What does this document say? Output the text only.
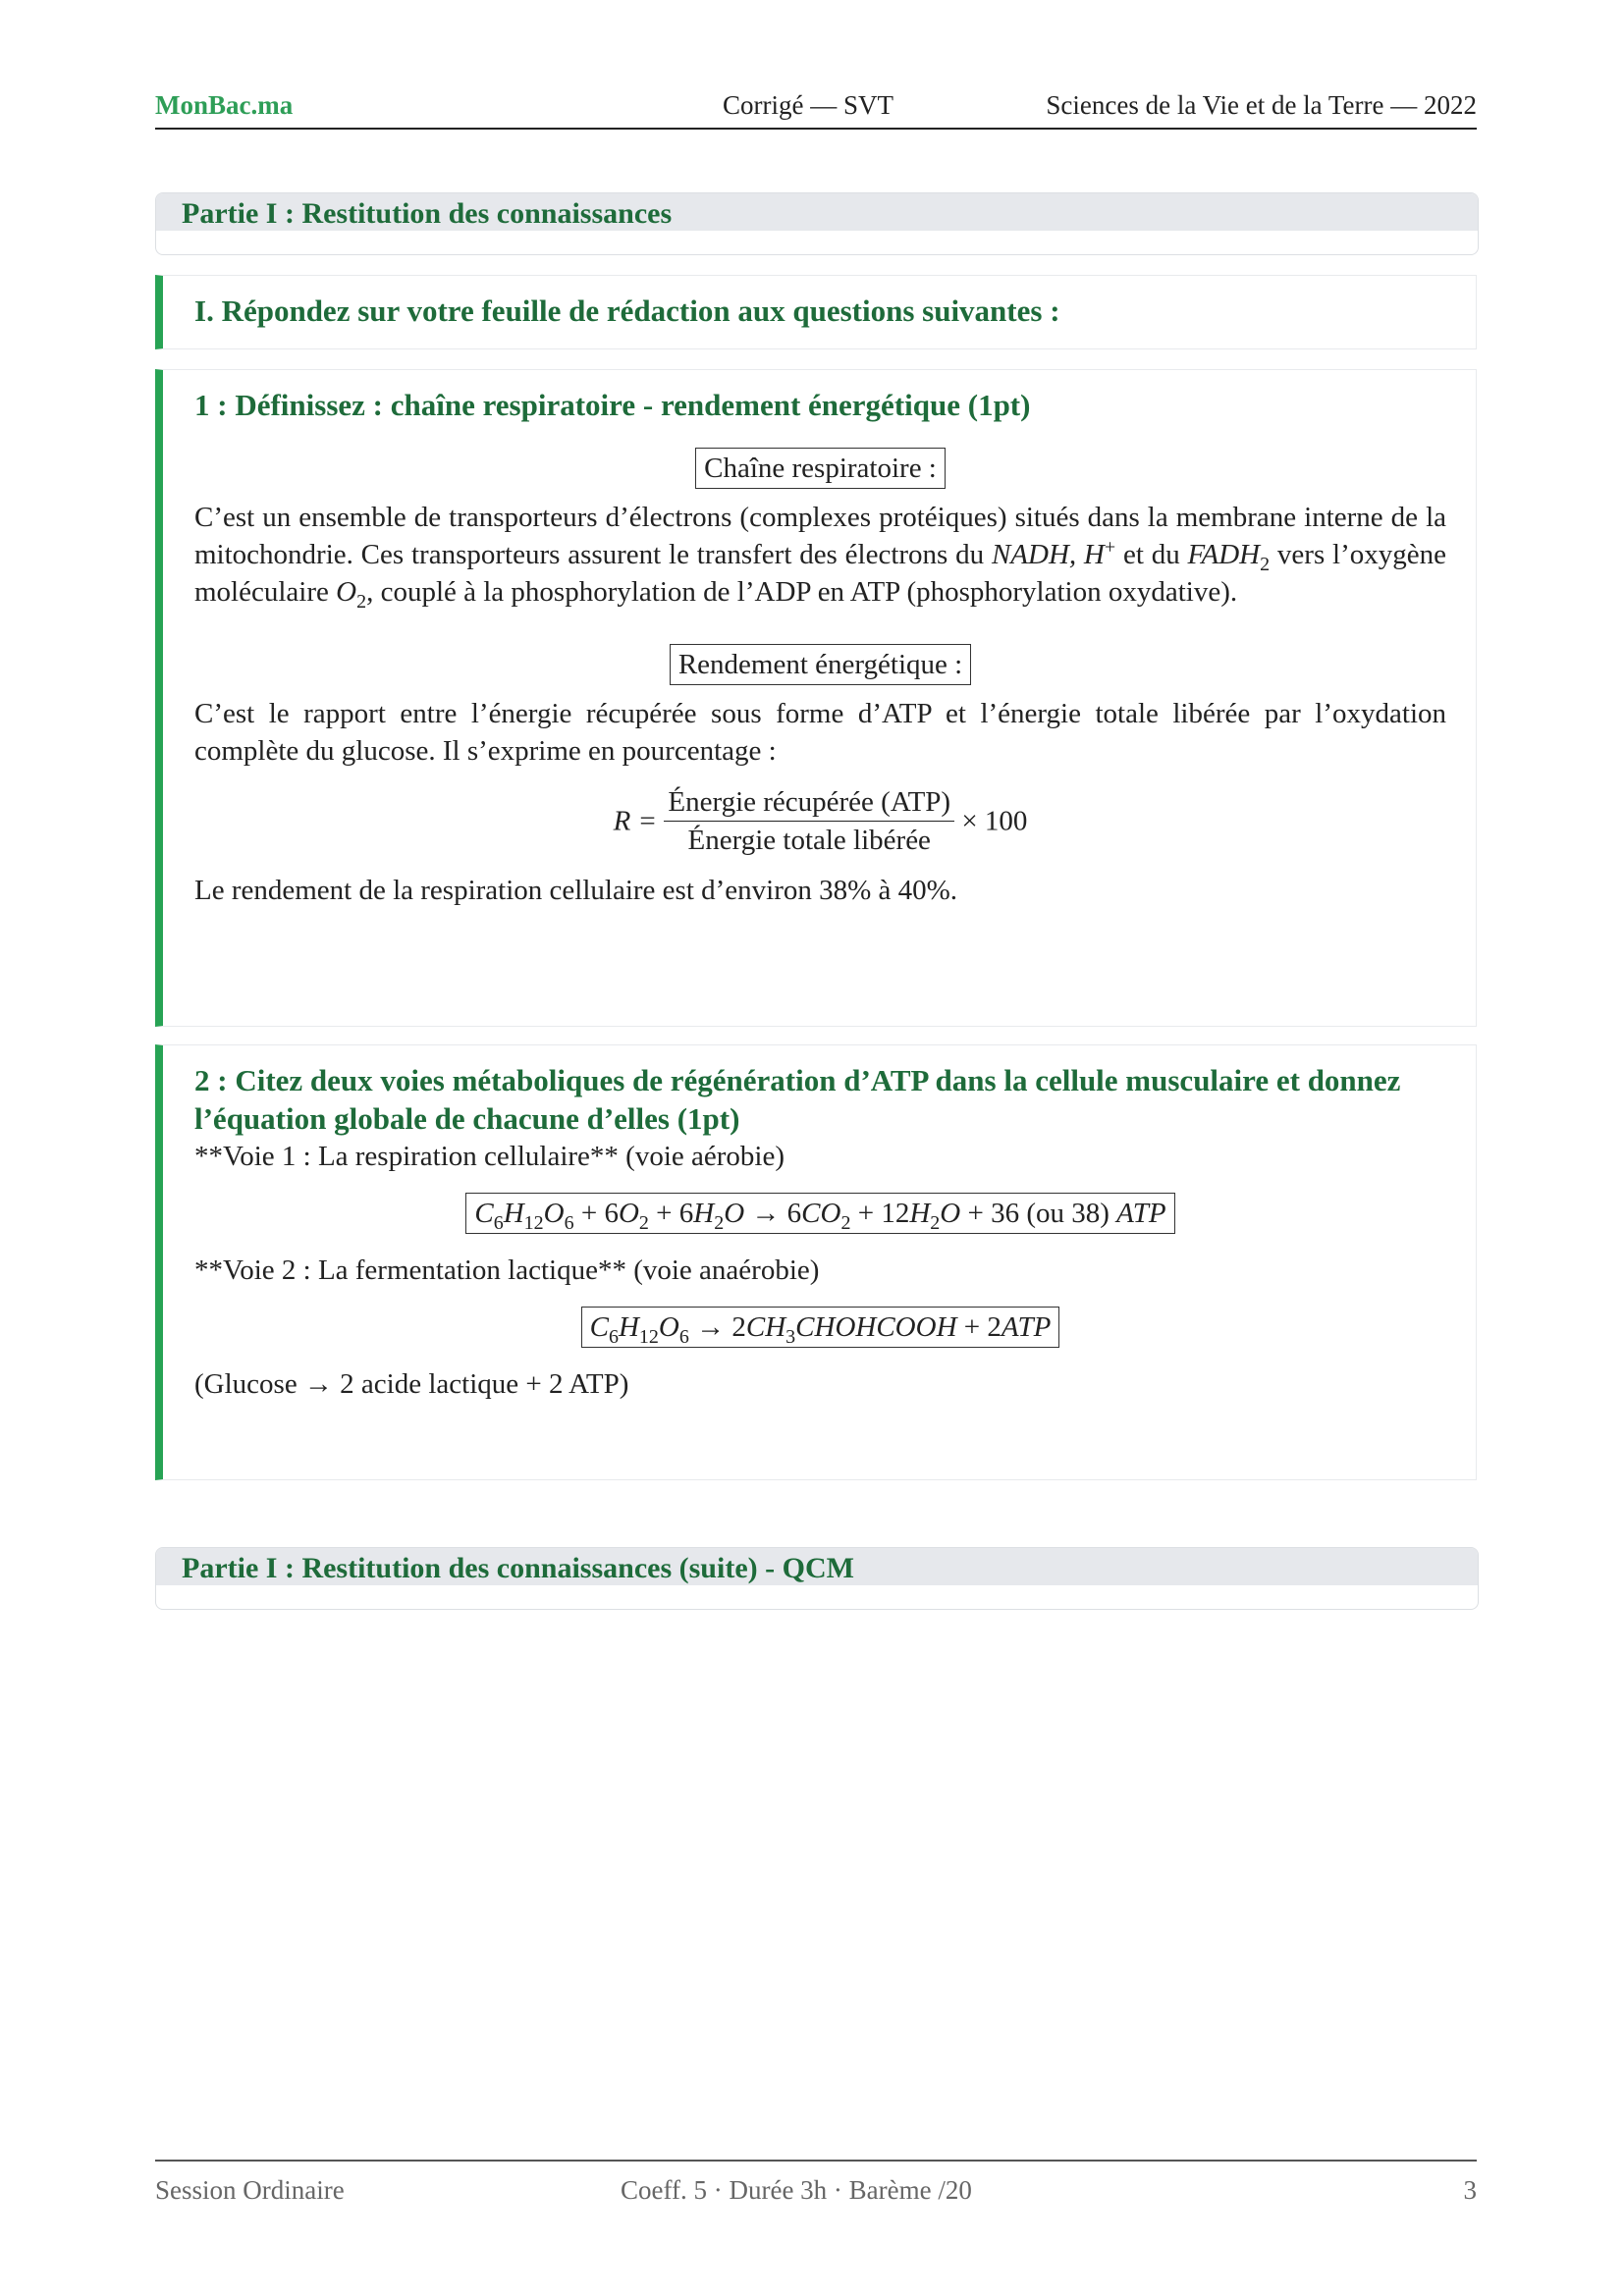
MonBac.ma	Corrigé — SVT	Sciences de la Vie et de la Terre — 2022
Partie I : Restitution des connaissances
I. Répondez sur votre feuille de rédaction aux questions suivantes :
1 : Définissez : chaîne respiratoire - rendement énergétique (1pt)
Chaîne respiratoire :
C’est un ensemble de transporteurs d’électrons (complexes protéiques) situés dans la membrane interne de la mitochondrie. Ces transporteurs assurent le transfert des électrons du NADH, H+ et du $FADH_2$ vers l’oxygène moléculaire $O_2$, couplé à la phosphorylation de l’ADP en ATP (phosphorylation oxydative).
Rendement énergétique :
C’est le rapport entre l’énergie récupérée sous forme d’ATP et l’énergie totale libérée par l’oxydation complète du glucose. Il s’exprime en pourcentage :
$R = \frac{\text{Énergie récupérée (ATP)}}{\text{Énergie totale libérée}} \times 100$
Le rendement de la respiration cellulaire est d’environ 38% à 40%.
2 : Citez deux voies métaboliques de régénération d’ATP dans la cellule musculaire et donnez l’équation globale de chacune d’elles (1pt)
**Voie 1 : La respiration cellulaire** (voie aérobie)
$C_6H_{12}O_6 + 6O_2 + 6H_2O \to 6CO_2 + 12H_2O + 36$ (ou 38) ATP
**Voie 2 : La fermentation lactique** (voie anaérobie)
$C_6H_{12}O_6$ → $2CH_3CHOHCOOH + 2ATP$
(Glucose → 2 acide lactique + 2 ATP)
Partie I : Restitution des connaissances (suite) - QCM
Session Ordinaire	Coeff. 5 · Durée 3h · Barème /20	3
